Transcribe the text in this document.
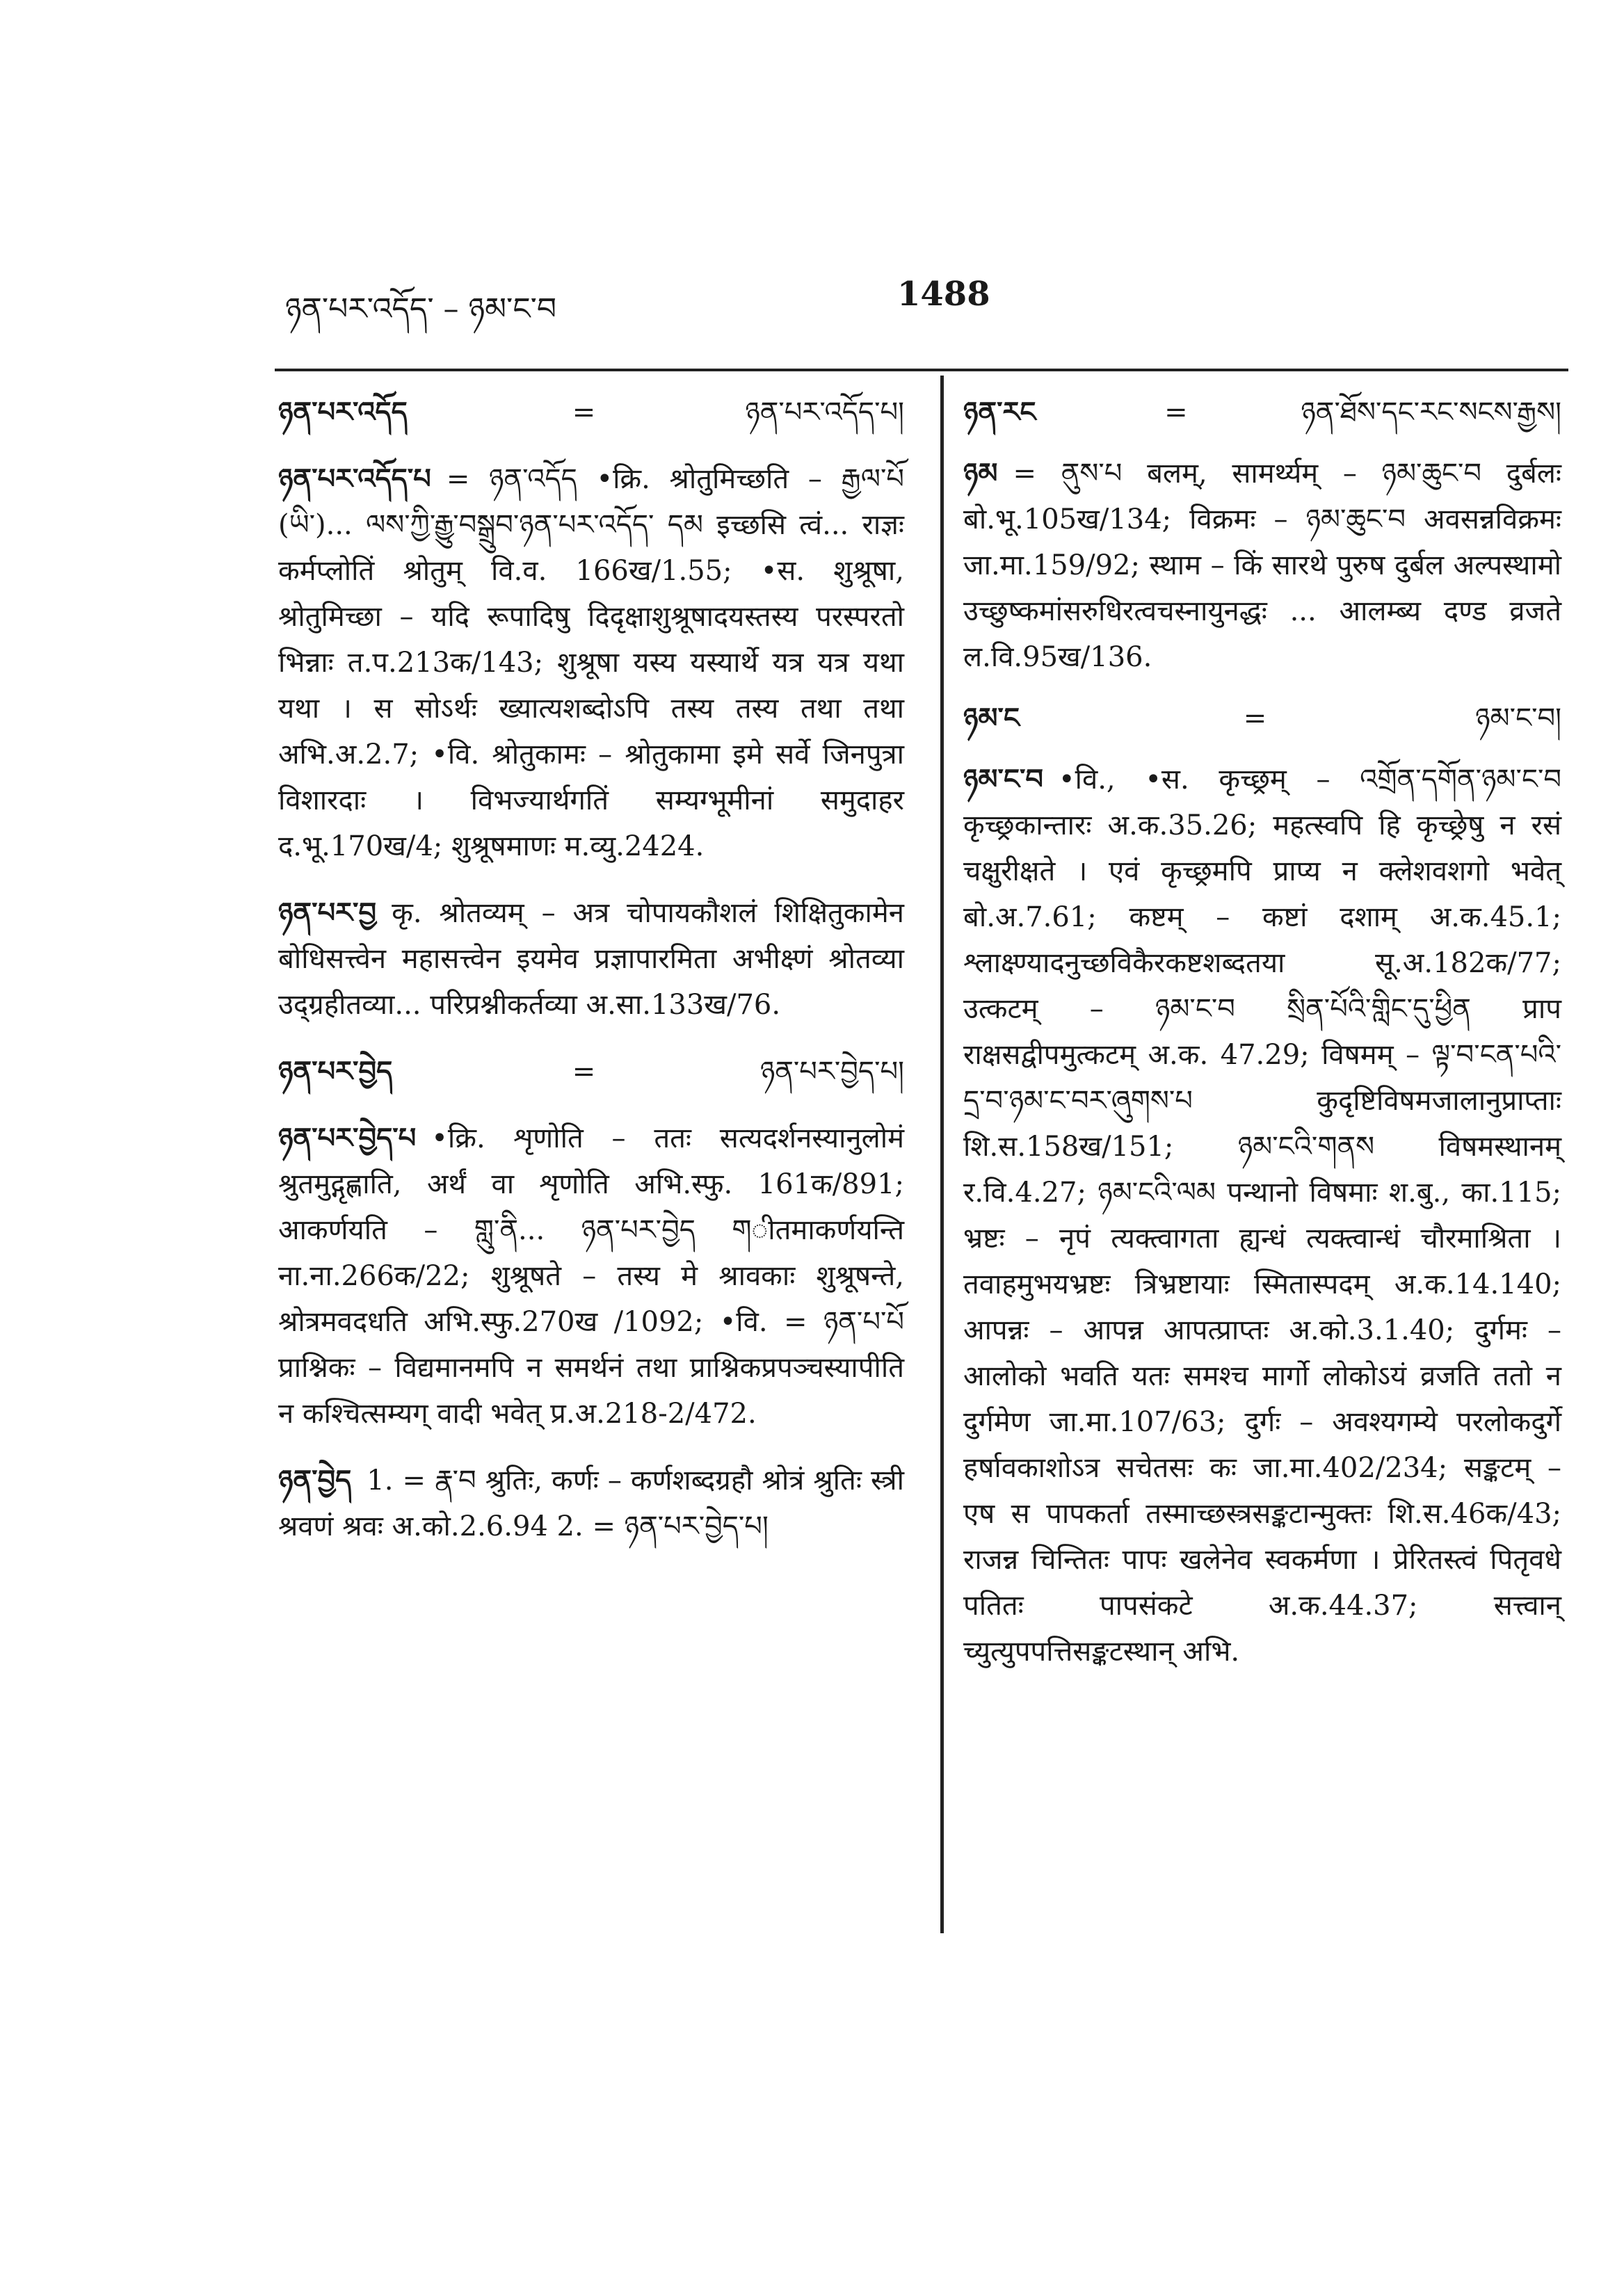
ཉན་པར་འདོད་ – ཉམ་ང་བ	1488
ཉན་པར་འདོད	=	ཉན་པར་འདོད་པ།
ཉན་པར་འདོད་པ = ཉན་འདོད •क्रि. श्रोतुमिच्छति – རྒྱལ་པོ (ཡི་)... ལས་ཀྱི་རྒྱུ་བསྒྲུབ་ཉན་པར་འདོད་ དམ इच्छसि त्वं... राज्ञः कर्मप्लोतिं श्रोतुम् वि.व. 166ख/1.55; •स. शुश्रूषा, श्रोतुमिच्छा – यदि रूपादिषु दिदृक्षाशुश्रूषादयस्तस्य परस्परतो भिन्नाः त.प.213क/143; शुश्रूषा यस्य यस्यार्थे यत्र यत्र यथा यथा । स सोऽर्थः ख्यात्यशब्दोऽपि तस्य तस्य तथा तथा अभि.अ.2.7; •वि. श्रोतुकामः – श्रोतुकामा इमे सर्वे जिनपुत्रा विशारदाः । विभज्यार्थगतिं सम्यग्भूमीनां समुदाहर द.भू.170ख/4; शुश्रूषमाणः म.व्यु.2424.
ཉན་པར་བྱ कृ. श्रोतव्यम् – अत्र चोपायकौशलं शिक्षितुकामेन बोधिसत्त्वेन महासत्त्वेन इयमेव प्रज्ञापारमिता अभीक्ष्णं श्रोतव्या उद्ग्रहीतव्या... परिप्रश्नीकर्तव्या अ.सा.133ख/76.
ཉན་པར་བྱེད	=	ཉན་པར་བྱེད་པ།
ཉན་པར་བྱེད་པ •क्रि. शृणोति – ततः सत्यदर्शनस्यानुलोमं श्रुतमुद्गृह्णाति, अर्थं वा शृणोति अभि.स्फु. 161क/891; आकर्णयति – གླུ་ནི... ཉན་པར་བྱེད གीतमाकर्णयन्ति ना.ना.266क/22; शुश्रूषते – तस्य मे श्रावकाः शुश्रूषन्ते, श्रोत्रमवदधति अभि.स्फु.270ख /1092; •वि. = ཉན་པ་པོ प्राश्निकः – विद्यमानमपि न समर्थनं तथा प्राश्निकप्रपञ्चस्यापीति न कश्चित्सम्यग् वादी भवेत् प्र.अ.218-2/472.
ཉན་བྱེད 1. = རྣ་བ श्रुतिः, कर्णः – कर्णशब्दग्रहौ श्रोत्रं श्रुतिः स्त्री श्रवणं श्रवः अ.को.2.6.94 2. = ཉན་པར་བྱེད་པ།
ཉན་རང	=	ཉན་ཐོས་དང་རང་སངས་རྒྱས།
ཉམ = ནུས་པ बलम्, सामर्थ्यम् – ཉམ་ཆུང་བ दुर्बलः बो.भू.105ख/134; विक्रमः – ཉམ་ཆུང་བ अवसन्नविक्रमः जा.मा.159/92; स्थाम – किं सारथे पुरुष दुर्बल अल्पस्थामो उच्छुष्कमांसरुधिरत्वचस्नायुनद्धः ... आलम्ब्य दण्ड व्रजते ल.वि.95ख/136.
ཉམ་ང	=	ཉམ་ང་བ།
ཉམ་ང་བ •वि., •स. कृच्छ्रम् – འགྲོན་དགོན་ཉམ་ང་བ कृच्छ्रकान्तारः अ.क.35.26; महत्स्वपि हि कृच्छ्रेषु न रसं चक्षुरीक्षते । एवं कृच्छ्रमपि प्राप्य न क्लेशवशगो भवेत् बो.अ.7.61; कष्टम् – कष्टां दशाम् अ.क.45.1; श्लाक्ष्ण्यादनुच्छविकैरकष्टशब्दतया सू.अ.182क/77; उत्कटम् – ཉམ་ང་བ སྲིན་པོའི་གླིང་དུ་ཕྱིན प्राप राक्षसद्वीपमुत्कटम् अ.क. 47.29; विषमम् – ལྟ་བ་ངན་པའི་དྲ་བ་ཉམ་ང་བར་ཞུགས་པ कुदृष्टिविषमजालानुप्राप्ताः शि.स.158ख/151; ཉམ་ངའི་གནས विषमस्थानम् र.वि.4.27; ཉམ་ངའི་ལམ पन्थानो विषमाः श.बु., का.115; भ्रष्टः – नृपं त्यक्त्वागता ह्यन्धं त्यक्त्वान्धं चौरमाश्रिता । तवाहमुभयभ्रष्टः त्रिभ्रष्टायाः स्मितास्पदम् अ.क.14.140; आपन्नः – आपन्न आपत्प्राप्तः अ.को.3.1.40; दुर्गमः – आलोको भवति यतः समश्च मार्गो लोकोऽयं व्रजति ततो न दुर्गमेण जा.मा.107/63; दुर्गः – अवश्यगम्ये परलोकदुर्गे हर्षावकाशोऽत्र सचेतसः कः जा.मा.402/234; सङ्कटम् – एष स पापकर्ता तस्माच्छस्त्रसङ्कटान्मुक्तः शि.स.46क/43; राजन्न चिन्तितः पापः खलेनेव स्वकर्मणा । प्रेरितस्त्वं पितृवधे पतितः पापसंकटे अ.क.44.37; सत्त्वान् च्युत्युपपत्तिसङ्कटस्थान् अभि.
